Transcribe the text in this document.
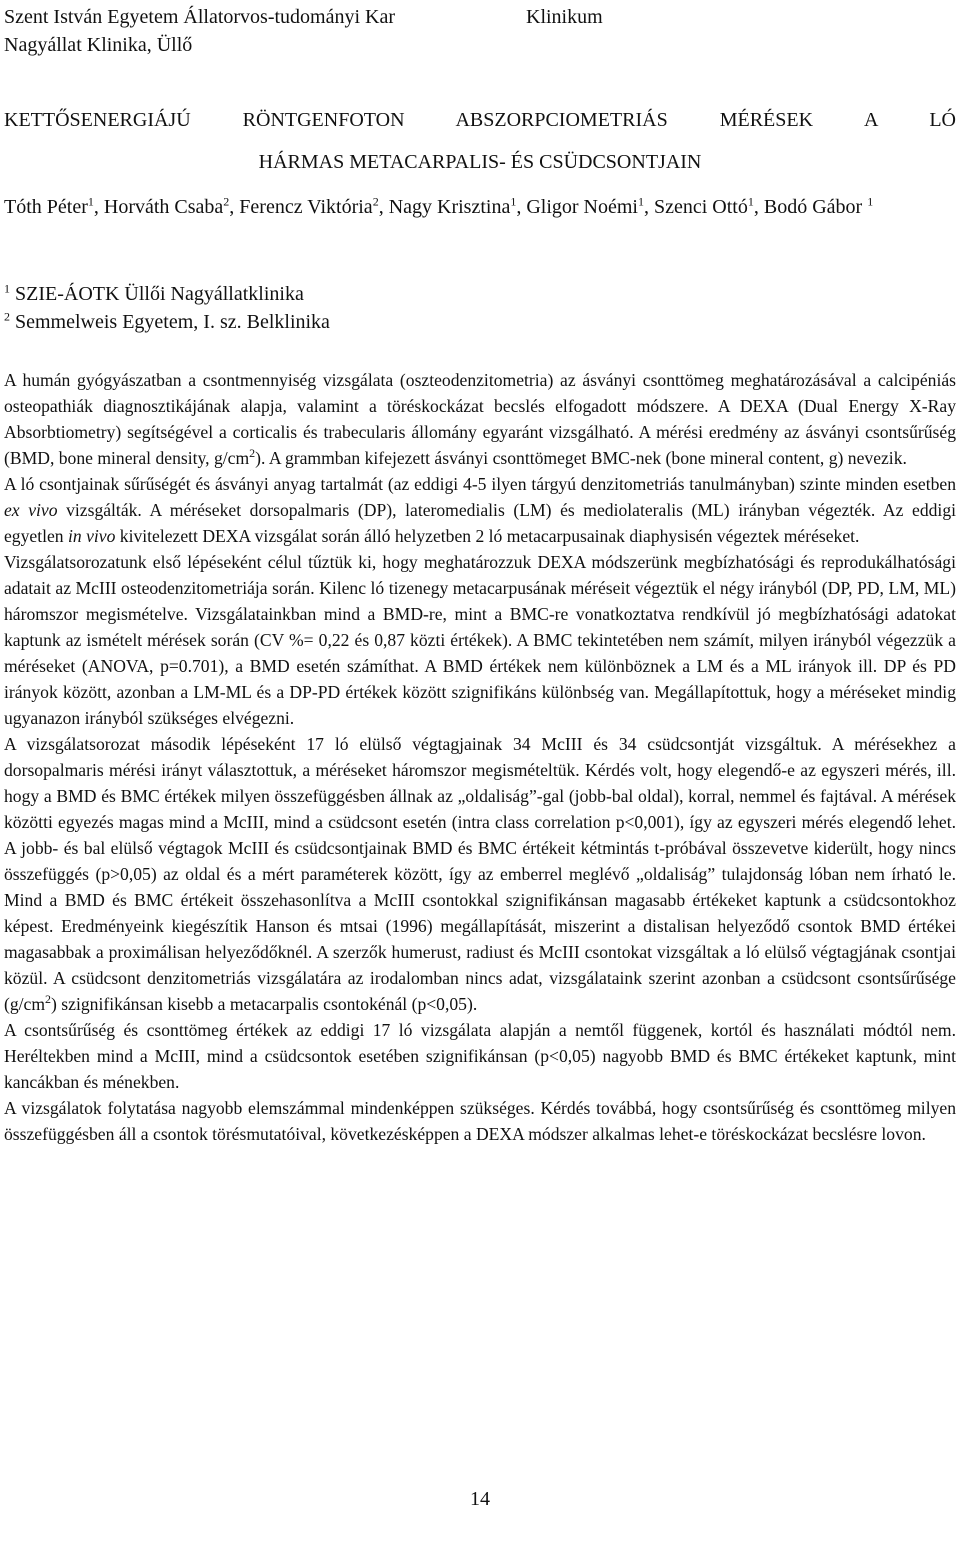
Szent István Egyetem Állatorvos-tudományi Kar	Klinikum
Nagyállat Klinika, Üllő
KETTŐSENERGIÁJÚ RÖNTGENFOTON ABSZORPCIOMETRIÁS MÉRÉSEK A LÓ
HÁRMAS METACARPALIS- ÉS CSÜDCSONTJAIN
Tóth Péter$^1$, Horváth Csaba$^2$, Ferencz Viktória$^2$, Nagy Krisztina$^1$, Gligor Noémi$^1$, Szenci Ottó$^1$, Bodó Gábor $^1$
$^1$ SZIE-ÁOTK Üllői Nagyállatklinika
$^2$ Semmelweis Egyetem, I. sz. Belklinika

A humán gyógyászatban a csontmennyiség vizsgálata (oszteodenzitometria) az ásványi csonttömeg meghatározásával a calcipéniás osteopathiák diagnosztikájának alapja, valamint a töréskockázat becslés elfogadott módszere. A DEXA (Dual Energy X-Ray Absorbtiometry) segítségével a corticalis és trabecularis állomány egyaránt vizsgálható. A mérési eredmény az ásványi csontsűrűség (BMD, bone mineral density, $g/cm^2$). A grammban kifejezett ásványi csonttömeget BMC-nek (bone mineral content, g) nevezik.

A ló csontjainak sűrűségét és ásványi anyag tartalmát (az eddigi 4-5 ilyen tárgyú denzitometriás tanulmányban) szinte minden esetben ex vivo vizsgálták. A méréseket dorsopalmaris (DP), lateromedialis (LM) és mediolateralis (ML) irányban végezték. Az eddigi egyetlen in vivo kivitelezett DEXA vizsgálat során álló helyzetben 2 ló metacarpusainak diaphysisén végeztek méréseket.

Vizsgálatsorozatunk első lépéseként célul tűztük ki, hogy meghatározzuk DEXA módszerünk megbízhatósági és reprodukálhatósági adatait az McIII osteodenzitometriája során. Kilenc ló tizenegy metacarpusának méréseit végeztük el négy irányból (DP, PD, LM, ML) háromszor megismételve. Vizsgálatainkban mind a BMD-re, mint a BMC-re vonatkoztatva rendkívül jó megbízhatósági adatokat kaptunk az ismételt mérések során (CV %= 0,22 és 0,87 közti értékek). A BMC tekintetében nem számít, milyen irányból végezzük a méréseket (ANOVA, p=0.701), a BMD esetén számíthat. A BMD értékek nem különböznek a LM és a ML irányok ill. DP és PD irányok között, azonban a LM-ML és a DP-PD értékek között szignifikáns különbség van. Megállapítottuk, hogy a méréseket mindig ugyanazon irányból szükséges elvégezni.

A vizsgálatsorozat második lépéseként 17 ló elülső végtagjainak 34 McIII és 34 csüdcsontját vizsgáltuk. A mérésekhez a dorsopalmaris mérési irányt választottuk, a méréseket háromszor megismételtük. Kérdés volt, hogy elegendő-e az egyszeri mérés, ill. hogy a BMD és BMC értékek milyen összefüggésben állnak az „oldaliság”-gal (jobb-bal oldal), korral, nemmel és fajtával. A mérések közötti egyezés magas mind a McIII, mind a csüdcsont esetén (intra class correlation p<0,001), így az egyszeri mérés elegendő lehet. A jobb- és bal elülső végtagok McIII és csüdcsontjainak BMD és BMC értékeit kétmintás t-próbával összevetve kiderült, hogy nincs összefüggés (p>0,05) az oldal és a mért paraméterek között, így az emberrel meglévő „oldaliság” tulajdonság lóban nem írható le. Mind a BMD és BMC értékeit összehasonlítva a McIII csontokkal szignifikánsan magasabb értékeket kaptunk a csüdcsontokhoz képest. Eredményeink kiegészítik Hanson és mtsai (1996) megállapítását, miszerint a distalisan helyeződő csontok BMD értékei magasabbak a proximálisan helyeződőknél. A szerzők humerust, radiust és McIII csontokat vizsgáltak a ló elülső végtagjának csontjai közül. A csüdcsont denzitometriás vizsgálatára az irodalomban nincs adat, vizsgálataink szerint azonban a csüdcsont csontsűrűsége $(g/cm^2)$ szignifikánsan kisebb a metacarpalis csontokénál (p<0,05).

A csontsűrűség és csonttömeg értékek az eddigi 17 ló vizsgálata alapján a nemtől függenek, kortól és használati módtól nem. Heréltekben mind a McIII, mind a csüdcsontok esetében szignifikánsan (p<0,05) nagyobb BMD és BMC értékeket kaptunk, mint kancákban és ménekben.

A vizsgálatok folytatása nagyobb elemszámmal mindenképpen szükséges. Kérdés továbbá, hogy csontsűrűség és csonttömeg milyen összefüggésben áll a csontok törésmutatóival, következésképpen a DEXA módszer alkalmas lehet-e töréskockázat becslésre lovon.

14
